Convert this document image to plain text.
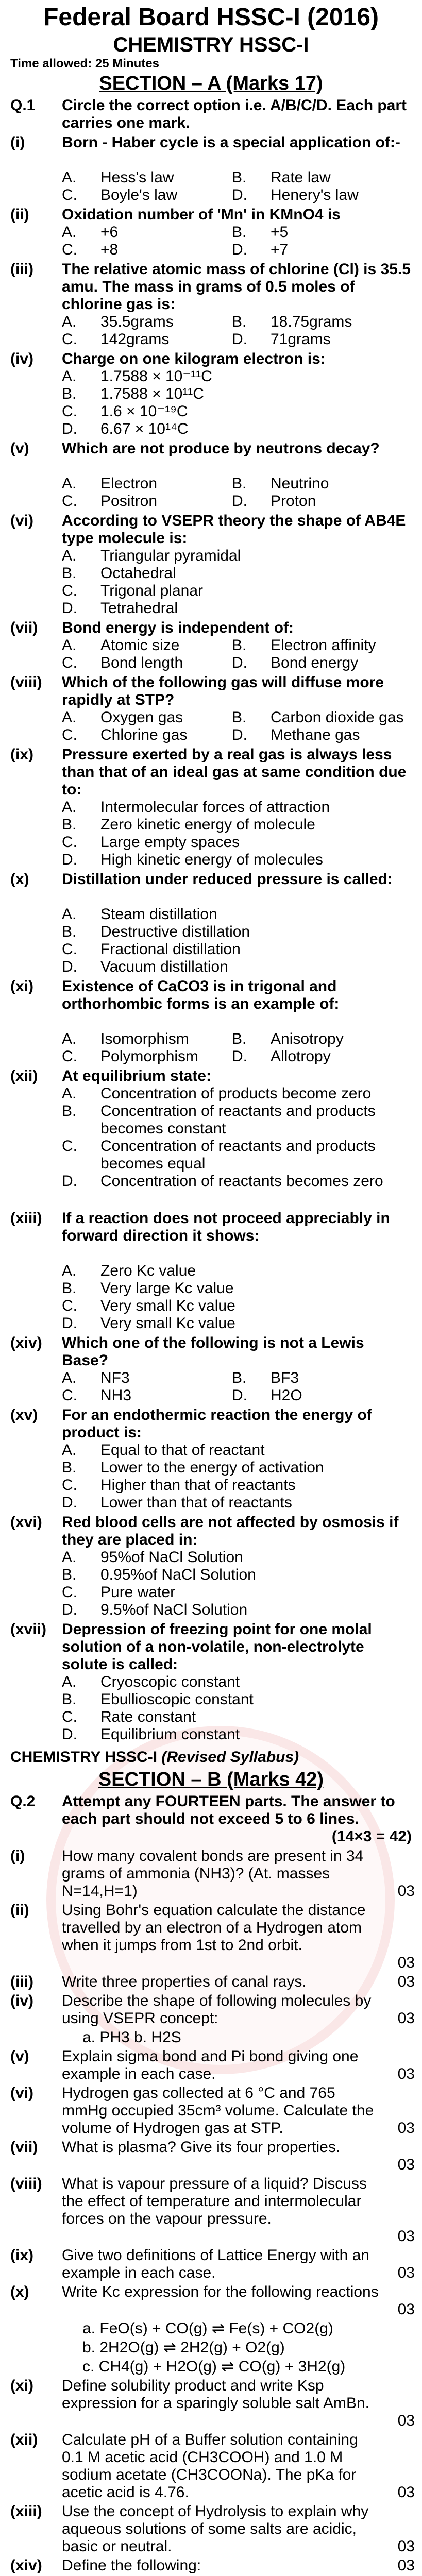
Federal Board HSSC-I (2016)
CHEMISTRY HSSC-I
Time allowed: 25 Minutes
SECTION – A (Marks 17)
Q.1	Circle the correct option i.e. A/B/C/D. Each part carries one mark.
(i)	Born - Haber cycle is a special application of:-
A. Hess's law	B. Rate law
C. Boyle's law	D. Henery's law
(ii)	Oxidation number of 'Mn' in KMnO4 is
A. +6	B. +5
C. +8	D. +7
(iii)	The relative atomic mass of chlorine (Cl) is 35.5 amu. The mass in grams of 0.5 moles of chlorine gas is:
A. 35.5grams	B. 18.75grams
C. 142grams	D. 71grams
(iv)	Charge on one kilogram electron is:
A. 1.7588 × 10⁻¹¹C
B. 1.7588 × 10¹¹C
C. 1.6 × 10⁻¹⁹C
D. 6.67 × 10¹⁴C
(v)	Which are not produce by neutrons decay?
A. Electron	B. Neutrino
C. Positron	D. Proton
(vi)	According to VSEPR theory the shape of AB4E type molecule is:
A. Triangular pyramidal
B. Octahedral
C. Trigonal planar
D. Tetrahedral
(vii)	Bond energy is independent of:
A. Atomic size	B. Electron affinity
C. Bond length	D. Bond energy
(viii)	Which of the following gas will diffuse more rapidly at STP?
A. Oxygen gas	B. Carbon dioxide gas
C. Chlorine gas	D. Methane gas
(ix)	Pressure exerted by a real gas is always less than that of an ideal gas at same condition due to:
A. Intermolecular forces of attraction
B. Zero kinetic energy of molecule
C. Large empty spaces
D. High kinetic energy of molecules
(x)	Distillation under reduced pressure is called:
A. Steam distillation
B. Destructive distillation
C. Fractional distillation
D. Vacuum distillation
(xi)	Existence of CaCO3 is in trigonal and orthorhombic forms is an example of:
A. Isomorphism	B. Anisotropy
C. Polymorphism D. Allotropy
(xii)	At equilibrium state:
A. Concentration of products become zero
B. Concentration of reactants and products becomes constant
C. Concentration of reactants and products becomes equal
D. Concentration of reactants becomes zero
(xiii)	If a reaction does not proceed appreciably in forward direction it shows:
A. Zero Kc value
B. Very large Kc value
C. Very small Kc value
D. Very small Kc value
(xiv)	Which one of the following is not a Lewis Base?
A. NF3	B. BF3
C. NH3	D. H2O
(xv)	For an endothermic reaction the energy of product is:
A. Equal to that of reactant
B. Lower to the energy of activation
C. Higher than that of reactants
D. Lower than that of reactants
(xvi)	Red blood cells are not affected by osmosis if they are placed in:
A. 95%of NaCl Solution
B. 0.95%of NaCl Solution
C. Pure water
D. 9.5%of NaCl Solution
(xvii) Depression of freezing point for one molal solution of a non-volatile, non-electrolyte solute is called:
A. Cryoscopic constant
B. Ebullioscopic constant
C. Rate constant
D. Equilibrium constant
CHEMISTRY HSSC-I (Revised Syllabus)
SECTION – B (Marks 42)
Q.2	Attempt any FOURTEEN parts. The answer to each part should not exceed 5 to 6 lines.
(14×3 = 42)
(i)	How many covalent bonds are present in 34 grams of ammonia (NH3)? (At. masses N=14,H=1)	03
(ii)	Using Bohr's equation calculate the distance travelled by an electron of a Hydrogen atom when it jumps from 1st to 2nd orbit.
03
(iii)	Write three properties of canal rays.	03
(iv)	Describe the shape of following molecules by using VSEPR concept:	03
a. PH3 b. H2S
(v)	Explain sigma bond and Pi bond giving one example in each case.	03
(vi)	Hydrogen gas collected at 6 °C and 765 mmHg occupied 35cm³ volume. Calculate the volume of Hydrogen gas at STP.	03
(vii)	What is plasma? Give its four properties.
03
(viii)	What is vapour pressure of a liquid? Discuss the effect of temperature and intermolecular forces on the vapour pressure.
03
(ix)	Give two definitions of Lattice Energy with an example in each case.	03
(x)	Write Kc expression for the following reactions
03
a. FeO(s) + CO(g) ⇌ Fe(s) + CO2(g)
b. 2H2O(g) ⇌ 2H2(g) + O2(g)
c. CH4(g) + H2O(g) ⇌ CO(g) + 3H2(g)
(xi)	Define solubility product and write Ksp expression for a sparingly soluble salt AmBn.
03
(xii)	Calculate pH of a Buffer solution containing 0.1 M acetic acid (CH3COOH) and 1.0 M sodium acetate (CH3COONa). The pKa for acetic acid is 4.76.	03
(xiii)	Use the concept of Hydrolysis to explain why aqueous solutions of some salts are acidic, basic or neutral.	03
(xiv)	Define the following:	03
